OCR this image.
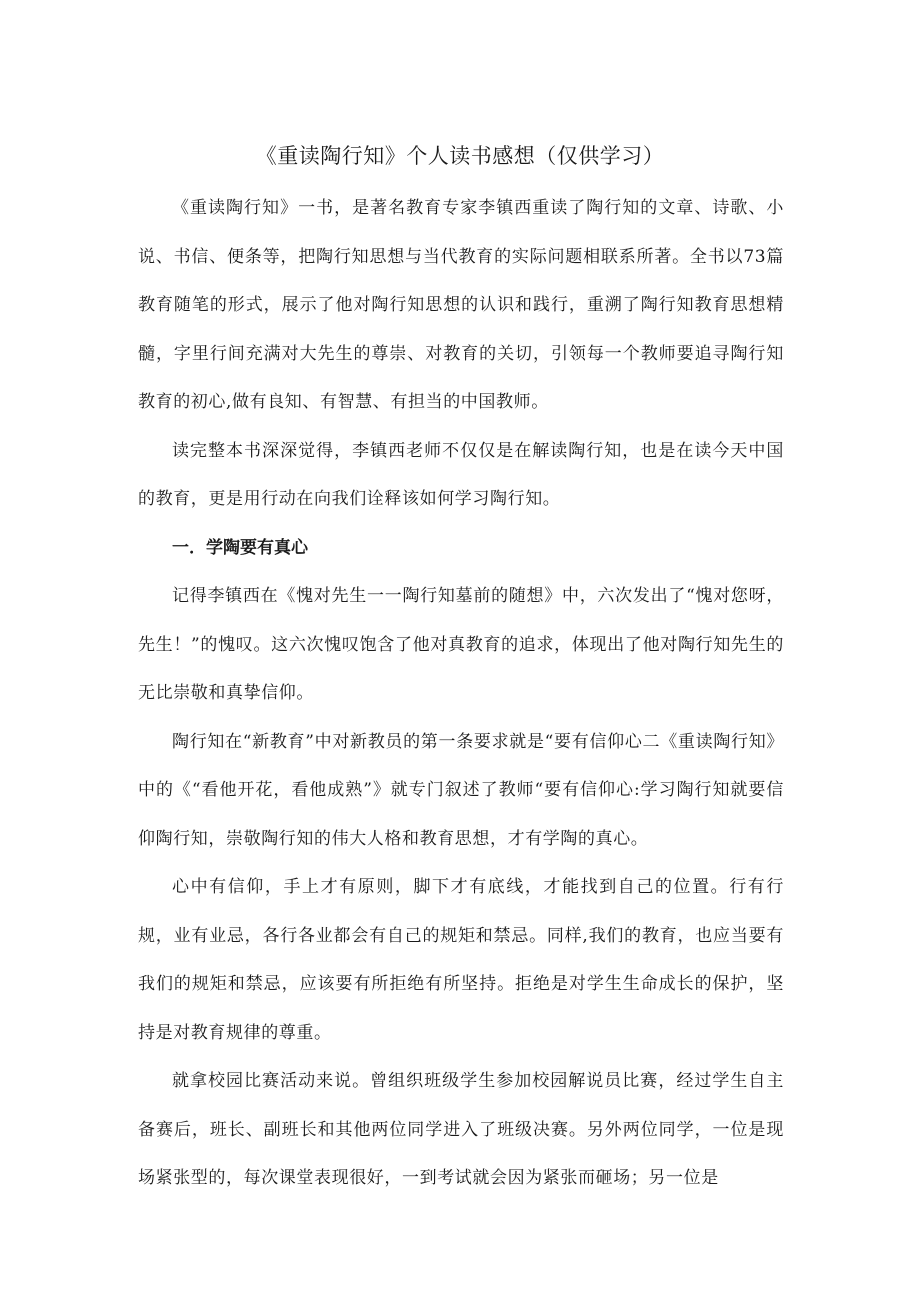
《重读陶行知》个人读书感想（仅供学习）

《重读陶行知》一书，是著名教育专家李镇西重读了陶行知的文章、诗歌、小说、书信、便条等，把陶行知思想与当代教育的实际问题相联系所著。全书以73篇教育随笔的形式，展示了他对陶行知思想的认识和践行，重溯了陶行知教育思想精髓，字里行间充满对大先生的尊崇、对教育的关切，引领每一个教师要追寻陶行知教育的初心,做有良知、有智慧、有担当的中国教师。

读完整本书深深觉得，李镇西老师不仅仅是在解读陶行知，也是在读今天中国的教育，更是用行动在向我们诠释该如何学习陶行知。

一．学陶要有真心

记得李镇西在《愧对先生一一陶行知墓前的随想》中，六次发出了“愧对您呀，先生！”的愧叹。这六次愧叹饱含了他对真教育的追求，体现出了他对陶行知先生的无比崇敬和真挚信仰。

陶行知在“新教育”中对新教员的第一条要求就是“要有信仰心二《重读陶行知》中的《“看他开花，看他成熟”》就专门叙述了教师“要有信仰心:学习陶行知就要信仰陶行知，崇敬陶行知的伟大人格和教育思想，才有学陶的真心。

心中有信仰，手上才有原则，脚下才有底线，才能找到自己的位置。行有行规，业有业忌，各行各业都会有自己的规矩和禁忌。同样,我们的教育，也应当要有我们的规矩和禁忌，应该要有所拒绝有所坚持。拒绝是对学生生命成长的保护，坚持是对教育规律的尊重。

就拿校园比赛活动来说。曾组织班级学生参加校园解说员比赛，经过学生自主备赛后，班长、副班长和其他两位同学进入了班级决赛。另外两位同学，一位是现场紧张型的，每次课堂表现很好，一到考试就会因为紧张而砸场；另一位是
